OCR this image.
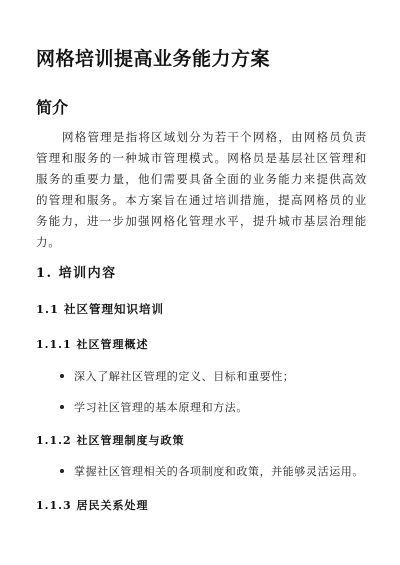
网格培训提高业务能力方案
简介
网格管理是指将区域划分为若干个网格，由网格员负责管理和服务的一种城市管理模式。网格员是基层社区管理和服务的重要力量，他们需要具备全面的业务能力来提供高效的管理和服务。本方案旨在通过培训措施，提高网格员的业务能力，进一步加强网格化管理水平，提升城市基层治理能力。
1. 培训内容
1.1 社区管理知识培训
1.1.1 社区管理概述
深入了解社区管理的定义、目标和重要性；
学习社区管理的基本原理和方法。
1.1.2 社区管理制度与政策
掌握社区管理相关的各项制度和政策，并能够灵活运用。
1.1.3 居民关系处理
